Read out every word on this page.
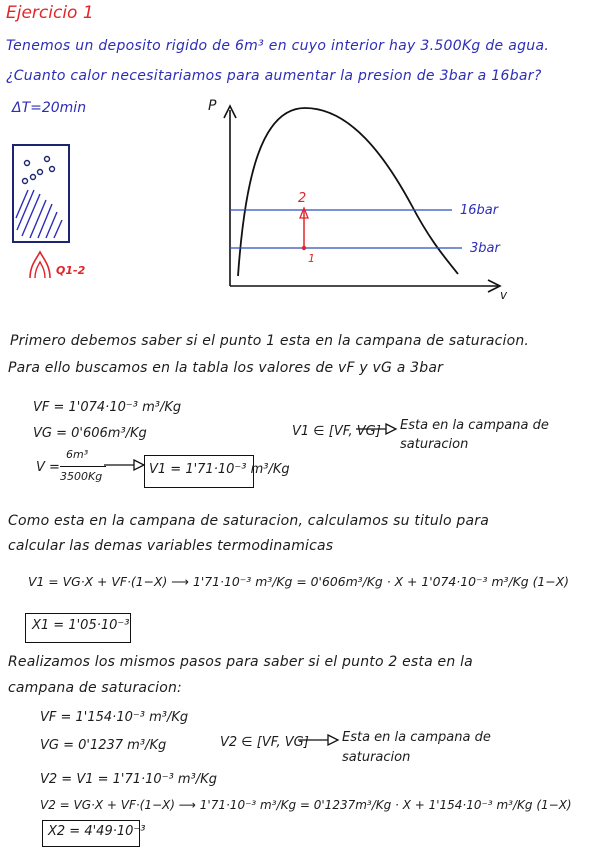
Ejercicio 1
Tenemos un deposito rigido de 6m³ en cuyo interior hay 3.500Kg de agua.
¿Cuanto calor necesitariamos para aumentar la presion de 3bar a 16bar?
ΔT=20min
Q1-2
P
v
16bar
3bar
2
1
Primero debemos saber si el punto 1 esta en la campana de saturacion.
Para ello buscamos en la tabla los valores de vF y vG a 3bar
VF = 1'074·10⁻³ m³/Kg
VG = 0'606m³/Kg
V =
6m³
3500Kg	V1 = 1'71·10⁻³ m³/Kg
V1 ∈ [VF, VG] Esta en la campana de
saturacion
Como esta en la campana de saturacion, calculamos su titulo para
calcular las demas variables termodinamicas
V1 = VG·X + VF·(1−X) ⟶ 1'71·10⁻³ m³/Kg = 0'606m³/Kg · X + 1'074·10⁻³ m³/Kg (1−X)
X1 = 1'05·10⁻³
Realizamos los mismos pasos para saber si el punto 2 esta en la
campana de saturacion:
VF = 1'154·10⁻³ m³/Kg
VG = 0'1237 m³/Kg	V2 ∈ [VF, VG]	Esta en la campana de
saturacion
V2 = V1 = 1'71·10⁻³ m³/Kg
V2 = VG·X + VF·(1−X) ⟶ 1'71·10⁻³ m³/Kg = 0'1237m³/Kg · X + 1'154·10⁻³ m³/Kg (1−X)
X2 = 4'49·10⁻³
